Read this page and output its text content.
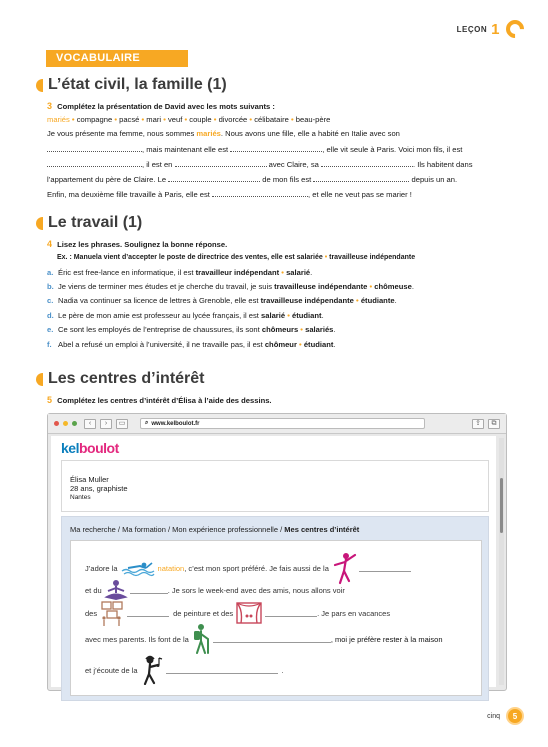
LEÇON 1
VOCABULAIRE
L’état civil, la famille (1)
3 Complétez la présentation de David avec les mots suivants :
mariés • compagne • pacsé • mari • veuf • couple • divorcée • célibataire • beau-père
Je vous présente ma femme, nous sommes mariés. Nous avons une fille, elle a habité en Italie avec son
, mais maintenant elle est	, elle vit seule à Paris. Voici mon fils, il est
, il est en	avec Claire, sa	. Ils habitent dans
l’appartement du père de Claire. Le	de mon fils est	depuis un an.
Enfin, ma deuxième fille travaille à Paris, elle est	, et elle ne veut pas se marier !
Le travail (1)
4 Lisez les phrases. Soulignez la bonne réponse.
Ex. : Manuela vient d’accepter le poste de directrice des ventes, elle est salariée • travailleuse indépendante
a. Éric est free-lance en informatique, il est travailleur indépendant • salarié.
b. Je viens de terminer mes études et je cherche du travail, je suis travailleuse indépendante • chômeuse.
c. Nadia va continuer sa licence de lettres à Grenoble, elle est travailleuse indépendante • étudiante.
d. Le père de mon amie est professeur au lycée français, il est salarié • étudiant.
e. Ce sont les employés de l’entreprise de chaussures, ils sont chômeurs • salariés.
f. Abel a refusé un emploi à l’université, il ne travaille pas, il est chômeur • étudiant.
Les centres d’intérêt
5 Complétez les centres d’intérêt d’Élisa à l’aide des dessins.
‹	›	▭	⌕ www.kelboulot.fr	⇪	⧉
kelboulot
Élisa Muller
28 ans, graphiste
Nantes
Ma recherche / Ma formation / Mon expérience professionnelle / Mes centres d’intérêt
J’adore la	natation , c’est mon sport préféré. Je fais aussi de la
et du	. Je sors le week-end avec des amis, nous allons voir
des	de peinture et des	. Je pars en vacances
avec mes parents. Ils font de la	, moi je préfère rester à la maison
et j’écoute de la	.
cinq	5
